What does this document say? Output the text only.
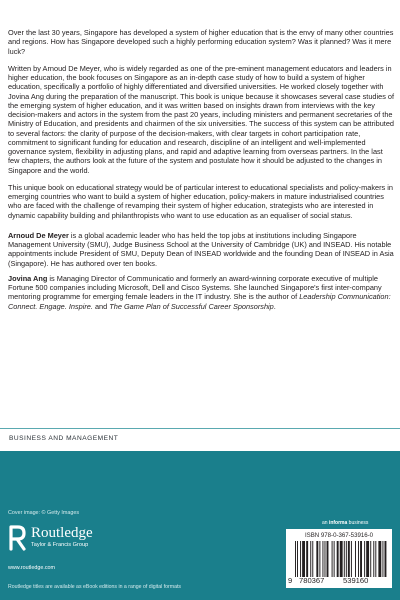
Over the last 30 years, Singapore has developed a system of higher education that is the envy of many other countries and regions. How has Singapore developed such a highly performing education system? Was it planned? Was it mere luck?

Written by Arnoud De Meyer, who is widely regarded as one of the pre-eminent management educators and leaders in higher education, the book focuses on Singapore as an in-depth case study of how to build a system of higher education, specifically a portfolio of highly differentiated and diversified universities. He worked closely together with Jovina Ang during the preparation of the manuscript. This book is unique because it showcases several case studies of the emerging system of higher education, and it was written based on insights drawn from interviews with the key decision-makers and actors in the system from the past 20 years, including ministers and permanent secretaries of the Ministry of Education, and presidents and chairmen of the six universities. The success of this system can be attributed to several factors: the clarity of purpose of the decision-makers, with clear targets in cohort participation rate, commitment to significant funding for education and research, discipline of an intelligent and well-implemented governance system, flexibility in adjusting plans, and rapid and adaptive learning from overseas partners. In the last few chapters, the authors look at the future of the system and postulate how it should be adjusted to the changes in Singapore and the world.

This unique book on educational strategy would be of particular interest to educational specialists and policy-makers in emerging countries who want to build a system of higher education, policy-makers in mature industrialised countries who are faced with the challenge of revamping their system of higher education, strategists who are interested in dynamic capability building and philanthropists who want to use education as an equaliser of social status.

Arnoud De Meyer is a global academic leader who has held the top jobs at institutions including Singapore Management University (SMU), Judge Business School at the University of Cambridge (UK) and INSEAD. His notable appointments include President of SMU, Deputy Dean of INSEAD worldwide and the founding Dean of INSEAD in Asia (Singapore). He has authored over ten books.

Jovina Ang is Managing Director of Communicatio and formerly an award-winning corporate executive of multiple Fortune 500 companies including Microsoft, Dell and Cisco Systems. She launched Singapore's first inter-company mentoring programme for emerging female leaders in the IT industry. She is the author of Leadership Communication: Connect. Engage. Inspire. and The Game Plan of Successful Career Sponsorship.

BUSINESS AND MANAGEMENT
Cover image: © Getty Images
Routledge
Taylor & Francis Group
www.routledge.com
Routledge titles are available as eBook editions in a range of digital formats
an informa business
ISBN 978-0-367-53916-0
9 780367 539160
